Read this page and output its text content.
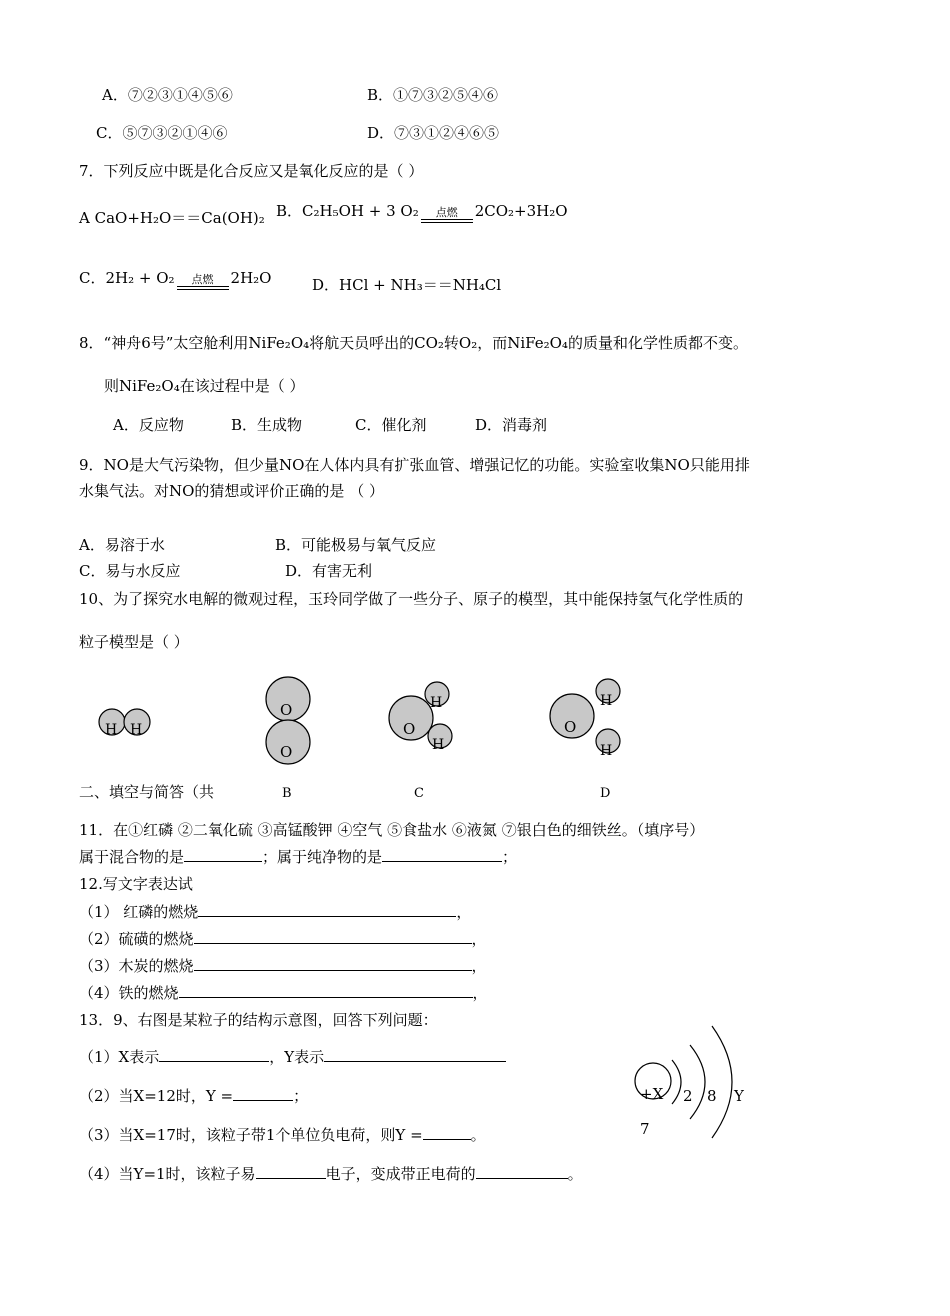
A．⑦②③①④⑤⑥	B．①⑦③②⑤④⑥
C．⑤⑦③②①④⑥	D．⑦③①②④⑥⑤
7．下列反应中既是化合反应又是氧化反应的是（ ）
A CaO+H₂O＝＝Ca(OH)₂ B．C₂H₅OH + 3 O₂	点燃	2CO₂+3H₂O
C．2H₂ + O₂	点燃	2H₂O	D．HCl + NH₃＝＝NH₄Cl
8．“神舟6号”太空舱利用NiFe₂O₄将航天员呼出的CO₂转O₂，而NiFe₂O₄的质量和化学性质都不变。
则NiFe₂O₄在该过程中是（ ）
A．反应物	B．生成物	C．催化剂	D．消毒剂
9．NO是大气污染物，但少量NO在人体内具有扩张血管、增强记忆的功能。实验室收集NO只能用排
水集气法。对NO的猜想或评价正确的是 （ ）
A．易溶于水	B．可能极易与氧气反应
C．易与水反应	D．有害无利
10、为了探究水电解的微观过程，玉玲同学做了一些分子、原子的模型，其中能保持氢气化学性质的
粒子模型是（ ）
H H
O
O
O
H
H
O
H
H
二、填空与简答（共	B	C	D
11．在①红磷 ②二氧化硫 ③高锰酸钾 ④空气 ⑤食盐水 ⑥液氮 ⑦银白色的细铁丝。（填序号）
属于混合物的是	；属于纯净物的是	；
12.写文字表达试
（1） 红磷的燃烧	，
（2）硫磺的燃烧	，
（3）木炭的燃烧	，
（4）铁的燃烧	，
13．9、右图是某粒子的结构示意图，回答下列问题：
（1）X表示	，Y表示
（2）当X=12时，Y =	；
（3）当X=17时，该粒子带1个单位负电荷，则Y =	。
（4）当Y=1时，该粒子易	电子，变成带正电荷的	。
+X 2 8 Y
7
